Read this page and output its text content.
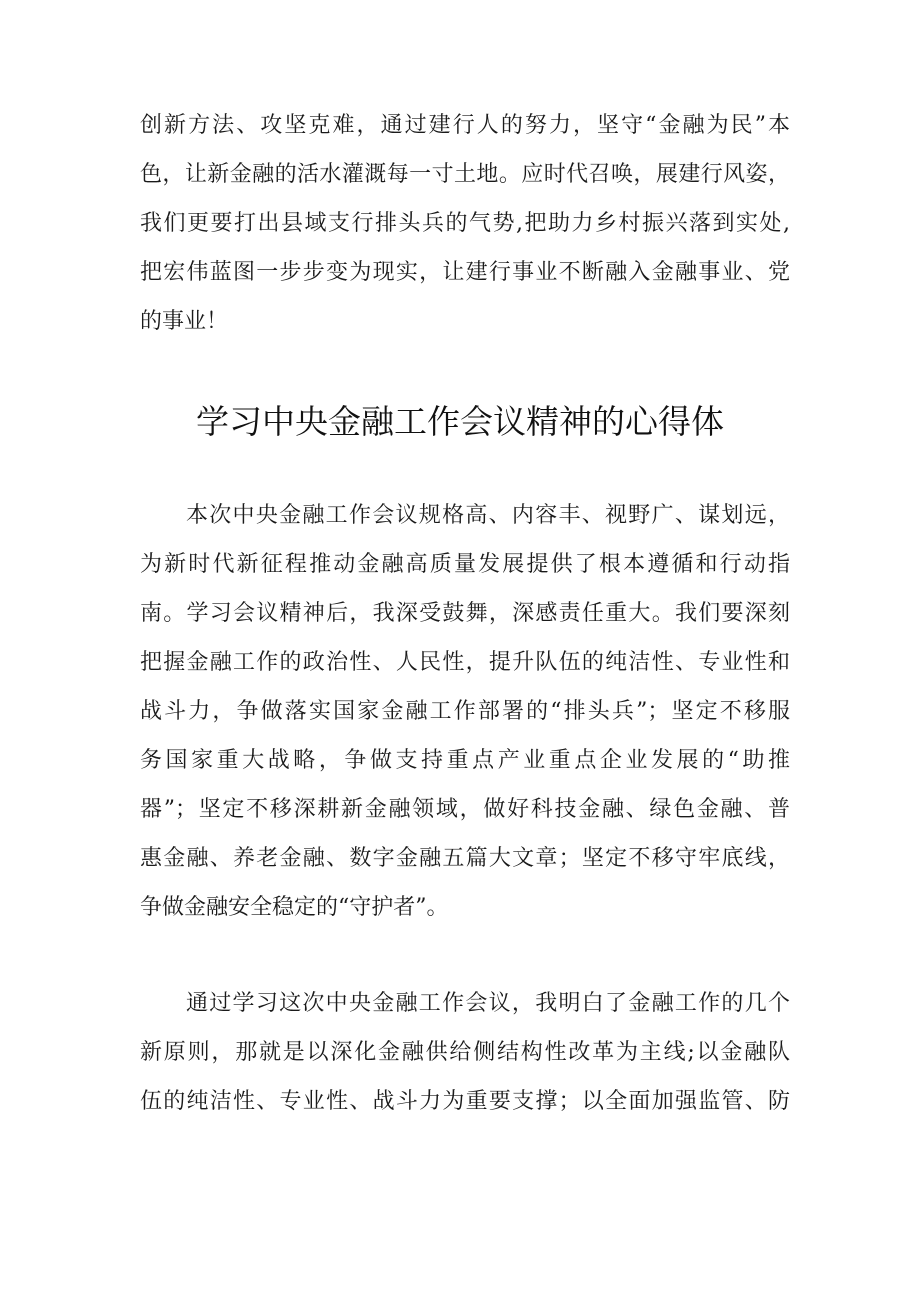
创新方法、攻坚克难，通过建行人的努力，坚守“金融为民”本
色，让新金融的活水灌溉每一寸土地。应时代召唤，展建行风姿，
我们更要打出县域支行排头兵的气势,把助力乡村振兴落到实处,
把宏伟蓝图一步步变为现实，让建行事业不断融入金融事业、党
的事业！
学习中央金融工作会议精神的心得体
本次中央金融工作会议规格高、内容丰、视野广、谋划远，
为新时代新征程推动金融高质量发展提供了根本遵循和行动指
南。学习会议精神后，我深受鼓舞，深感责任重大。我们要深刻
把握金融工作的政治性、人民性，提升队伍的纯洁性、专业性和
战斗力，争做落实国家金融工作部署的“排头兵”；坚定不移服
务国家重大战略，争做支持重点产业重点企业发展的“助推
器”；坚定不移深耕新金融领域，做好科技金融、绿色金融、普
惠金融、养老金融、数字金融五篇大文章；坚定不移守牢底线，
争做金融安全稳定的“守护者”。
通过学习这次中央金融工作会议，我明白了金融工作的几个
新原则，那就是以深化金融供给侧结构性改革为主线;以金融队
伍的纯洁性、专业性、战斗力为重要支撑；以全面加强监管、防
